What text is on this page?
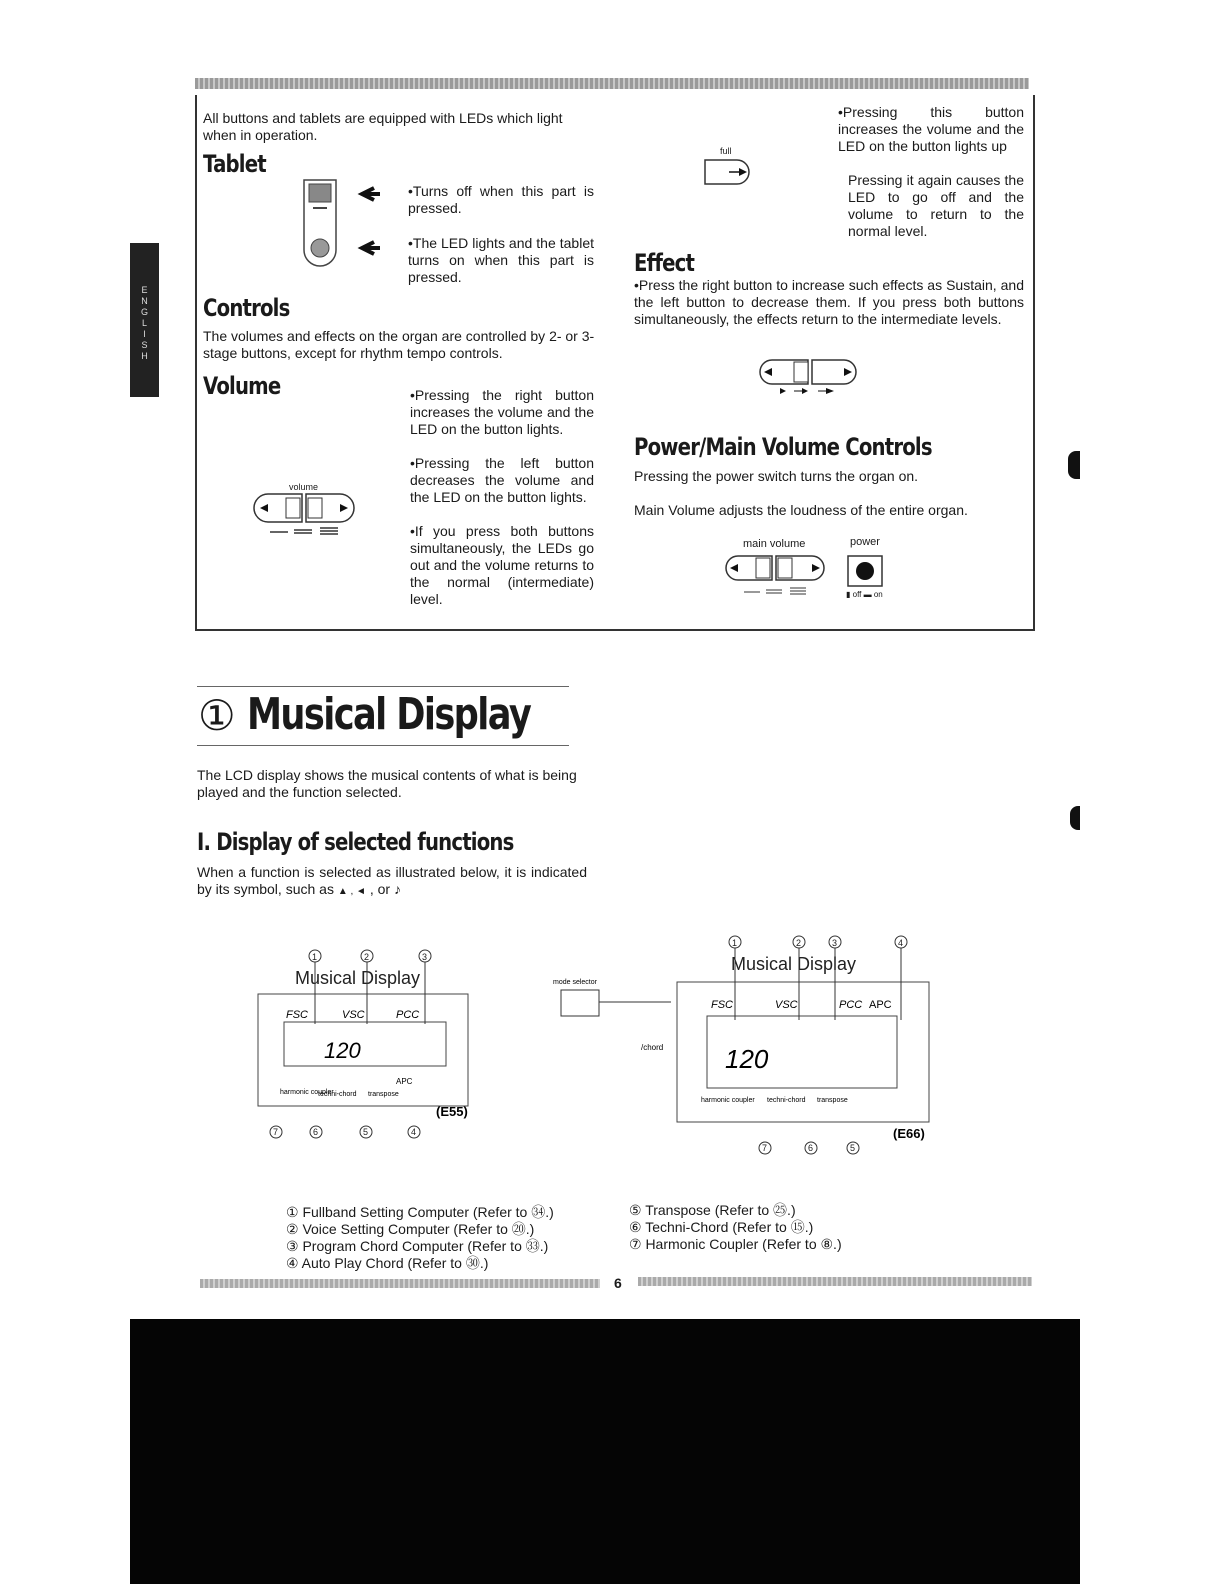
E
N
G
L
I
S
H
All buttons and tablets are equipped with LEDs which light when in operation.
Tablet
•Turns off when this part is pressed.
•The LED lights and the tablet turns on when this part is pressed.
Controls
The volumes and effects on the organ are controlled by 2- or 3-stage buttons, except for rhythm tempo controls.
Volume
volume
•Pressing the right button increases the volume and the LED on the button lights.
•Pressing the left button decreases the volume and the LED on the button lights.
•If you press both buttons simultaneously, the LEDs go out and the volume returns to the normal (intermediate) level.
full
•Pressing this button increases the volume and the LED on the button lights up
Pressing it again causes the LED to go off and the volume to return to the normal level.
Effect
•Press the right button to increase such effects as Sustain, and the left button to decrease them. If you press both buttons simultaneously, the effects return to the intermediate levels.
Power/Main Volume Controls
Pressing the power switch turns the organ on.
Main Volume adjusts the loudness of the entire organ.
main volume	power
▮ off ▬ on
① Musical Display
The LCD display shows the musical contents of what is being played and the function selected.
I. Display of selected functions
When a function is selected as illustrated below, it is indicated by its symbol, such as ▲ , ◄ , or ♪
1	2	3
Musical Display
FSC	VSC	PCC
120
APC
harmonic coupler
techni-chord transpose
7	6	5	4
(E55)
mode selector
/chord
1	2	3	4
Musical Display
FSC	VSC	PCC APC
120
harmonic coupler techni-chord transpose
7	6	5
(E66)
① Fullband Setting Computer (Refer to ㉞.)
② Voice Setting Computer (Refer to ⑳.)
③ Program Chord Computer (Refer to ㉝.)
④ Auto Play Chord (Refer to ㉚.)
⑤ Transpose (Refer to ㉕.)
⑥ Techni-Chord (Refer to ⑮.)
⑦ Harmonic Coupler (Refer to ⑧.)
6
